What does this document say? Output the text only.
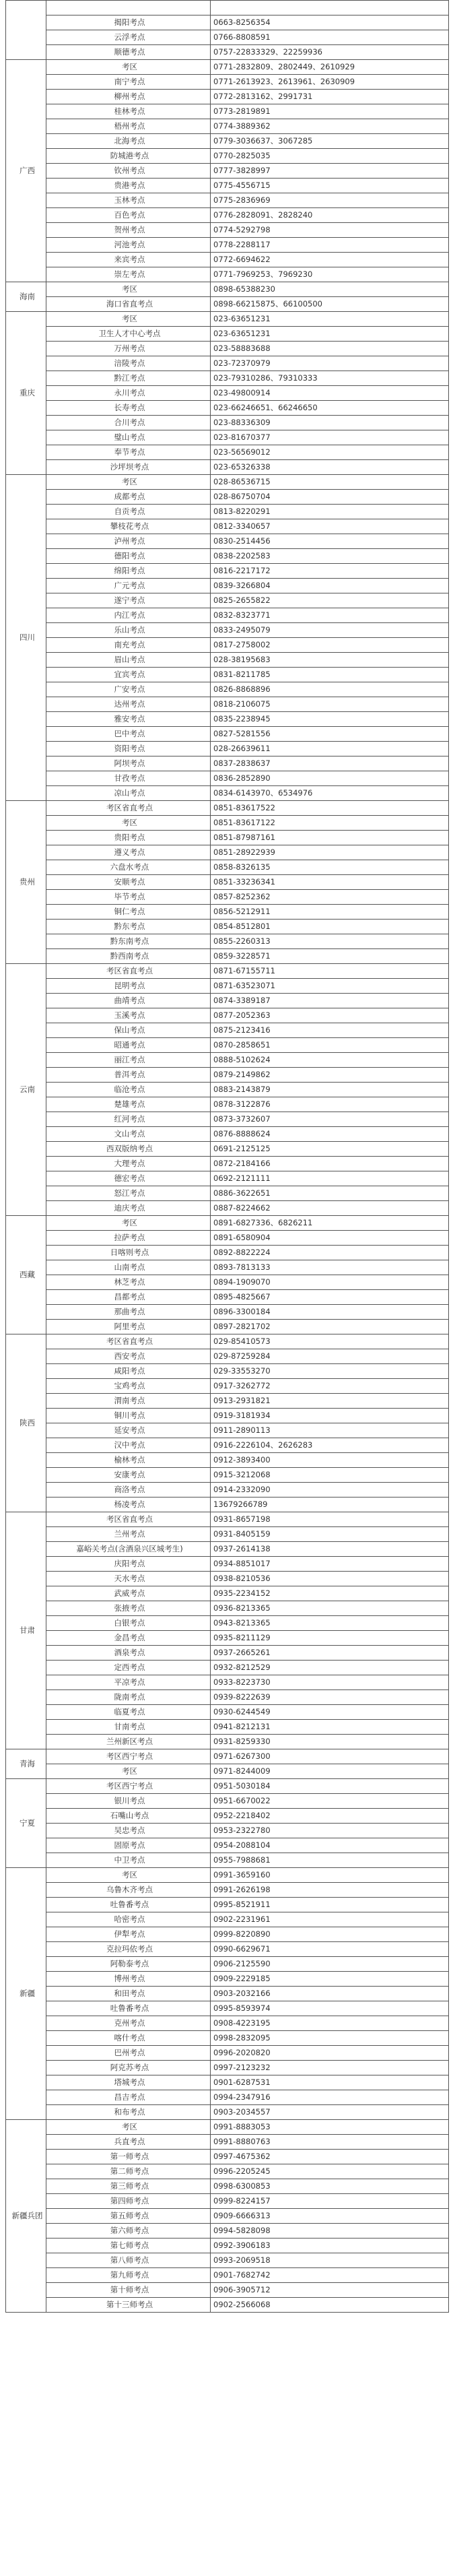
	揭阳考点	0663-8256354
	云浮考点	0766-8808591
	顺德考点	0757-22833329、22259936
广西	考区	0771-2832809、2802449、2610929
	南宁考点	0771-2613923、2613961、2630909
	柳州考点	0772-2813162、2991731
	桂林考点	0773-2819891
	梧州考点	0774-3889362
	北海考点	0779-3036637、3067285
	防城港考点	0770-2825035
	钦州考点	0777-3828997
	贵港考点	0775-4556715
	玉林考点	0775-2836969
	百色考点	0776-2828091、2828240
	贺州考点	0774-5292798
	河池考点	0778-2288117
	来宾考点	0772-6694622
	崇左考点	0771-7969253、7969230
海南	考区	0898-65388230
	海口省直考点	0898-66215875、66100500
重庆	考区	023-63651231
	卫生人才中心考点	023-63651231
	万州考点	023-58883688
	涪陵考点	023-72370979
	黔江考点	023-79310286、79310333
	永川考点	023-49800914
	长寿考点	023-66246651、66246650
	合川考点	023-88336309
	璧山考点	023-81670377
	奉节考点	023-56569012
	沙坪坝考点	023-65326338
四川	考区	028-86536715
	成都考点	028-86750704
	自贡考点	0813-8220291
	攀枝花考点	0812-3340657
	泸州考点	0830-2514456
	德阳考点	0838-2202583
	绵阳考点	0816-2217172
	广元考点	0839-3266804
	遂宁考点	0825-2655822
	内江考点	0832-8323771
	乐山考点	0833-2495079
	南充考点	0817-2758002
	眉山考点	028-38195683
	宜宾考点	0831-8211785
	广安考点	0826-8868896
	达州考点	0818-2106075
	雅安考点	0835-2238945
	巴中考点	0827-5281556
	资阳考点	028-26639611
	阿坝考点	0837-2838637
	甘孜考点	0836-2852890
	凉山考点	0834-6143970、6534976
贵州	考区省直考点	0851-83617522
	考区	0851-83617122
	贵阳考点	0851-87987161
	遵义考点	0851-28922939
	六盘水考点	0858-8326135
	安顺考点	0851-33236341
	毕节考点	0857-8252362
	铜仁考点	0856-5212911
	黔东考点	0854-8512801
	黔东南考点	0855-2260313
	黔西南考点	0859-3228571
云南	考区省直考点	0871-67155711
	昆明考点	0871-63523071
	曲靖考点	0874-3389187
	玉溪考点	0877-2052363
	保山考点	0875-2123416
	昭通考点	0870-2858651
	丽江考点	0888-5102624
	普洱考点	0879-2149862
	临沧考点	0883-2143879
	楚雄考点	0878-3122876
	红河考点	0873-3732607
	文山考点	0876-8888624
	西双版纳考点	0691-2125125
	大理考点	0872-2184166
	德宏考点	0692-2121111
	怒江考点	0886-3622651
	迪庆考点	0887-8224662
西藏	考区	0891-6827336、6826211
	拉萨考点	0891-6580904
	日喀则考点	0892-8822224
	山南考点	0893-7813133
	林芝考点	0894-1909070
	昌都考点	0895-4825667
	那曲考点	0896-3300184
	阿里考点	0897-2821702
陕西	考区省直考点	029-85410573
	西安考点	029-87259284
	咸阳考点	029-33553270
	宝鸡考点	0917-3262772
	渭南考点	0913-2931821
	铜川考点	0919-3181934
	延安考点	0911-2890113
	汉中考点	0916-2226104、2626283
	榆林考点	0912-3893400
	安康考点	0915-3212068
	商洛考点	0914-2332090
	杨凌考点	13679266789
甘肃	考区省直考点	0931-8657198
	兰州考点	0931-8405159
	嘉峪关考点(含酒泉兴区城考生)	0937-2614138
	庆阳考点	0934-8851017
	天水考点	0938-8210536
	武威考点	0935-2234152
	张掖考点	0936-8213365
	白银考点	0943-8213365
	金昌考点	0935-8211129
	酒泉考点	0937-2665261
	定西考点	0932-8212529
	平凉考点	0933-8223730
	陇南考点	0939-8222639
	临夏考点	0930-6244549
	甘南考点	0941-8212131
	兰州新区考点	0931-8259330
青海	考区西宁考点	0971-6267300
	考区	0971-8244009
宁夏	考区西宁考点	0951-5030184
	银川考点	0951-6670022
	石嘴山考点	0952-2218402
	吴忠考点	0953-2322780
	固原考点	0954-2088104
	中卫考点	0955-7988681
新疆	考区	0991-3659160
	乌鲁木齐考点	0991-2626198
	吐鲁番考点	0995-8521911
	哈密考点	0902-2231961
	伊犁考点	0999-8220890
	克拉玛依考点	0990-6629671
	阿勒泰考点	0906-2125590
	博州考点	0909-2229185
	和田考点	0903-2032166
	吐鲁番考点	0995-8593974
	克州考点	0908-4223195
	喀什考点	0998-2832095
	巴州考点	0996-2020820
	阿克苏考点	0997-2123232
	塔城考点	0901-6287531
	昌吉考点	0994-2347916
	和布考点	0903-2034557
新疆兵团	考区	0991-8883053
	兵直考点	0991-8880763
	第一师考点	0997-4675362
	第二师考点	0996-2205245
	第三师考点	0998-6300853
	第四师考点	0999-8224157
	第五师考点	0909-6666313
	第六师考点	0994-5828098
	第七师考点	0992-3906183
	第八师考点	0993-2069518
	第九师考点	0901-7682742
	第十师考点	0906-3905712
	第十三师考点	0902-2566068
